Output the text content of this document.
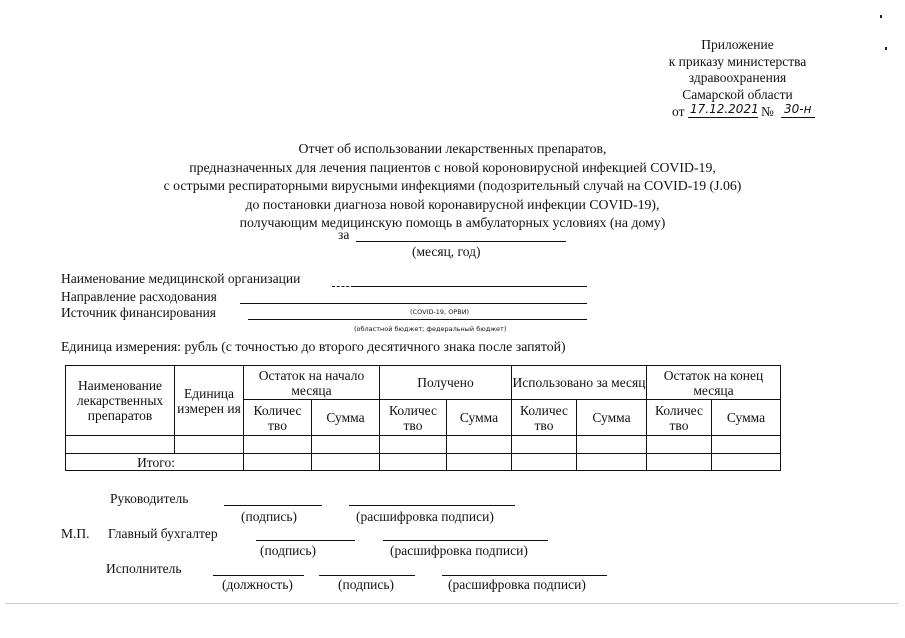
Приложение
к приказу министерства
здравоохранения
Самарской области
от 17.12.2021 № 30-н
Отчет об использовании лекарственных препаратов,
предназначенных для лечения пациентов с новой короновирусной инфекцией COVID-19,
с острыми респираторными вирусными инфекциями (подозрительный случай на COVID-19 (J.06)
до постановки диагноза новой коронавирусной инфекции COVID-19),
получающим медицинскую помощь в амбулаторных условиях (на дому)
за
(месяц, год)
Наименование медицинской организации
Направление расходования
Источник финансирования	(COVID-19, ОРВИ)
(областной бюджет; федеральный бюджет)
Единица измерения: рубль (с точностью до второго десятичного знака после запятой)
Наименование лекарственных препаратов	Единица измерен ия	Остаток на начало месяца		Получено		Использовано за месяц		Остаток на конец месяца	
		Количес тво	Сумма	Количес тво	Сумма	Количес тво	Сумма	Количес тво	Сумма

Итого:									
Руководитель
(подпись)	(расшифровка подписи)
М.П. Главный бухгалтер
(подпись)	(расшифровка подписи)
Исполнитель
(должность)	(подпись)	(расшифровка подписи)
